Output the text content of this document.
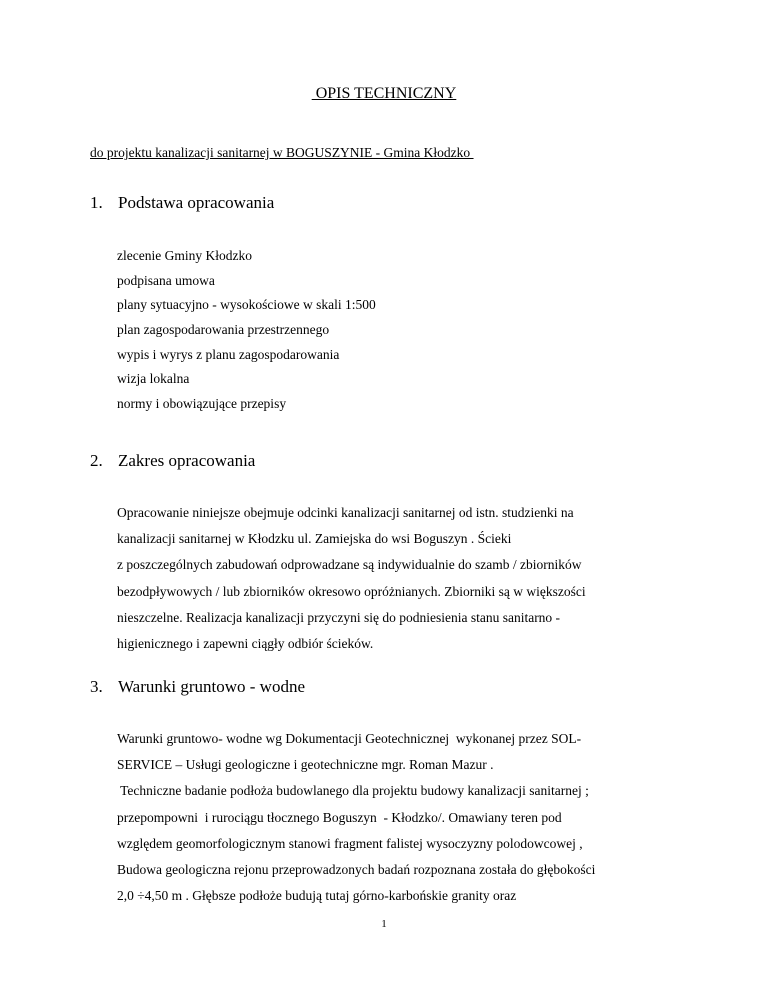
OPIS TECHNICZNY
do projektu kanalizacji sanitarnej w BOGUSZYNIE - Gmina Kłodzko
1. Podstawa opracowania
zlecenie Gminy Kłodzko
podpisana umowa
plany sytuacyjno - wysokościowe w skali 1:500
plan zagospodarowania przestrzennego
wypis i wyrys z planu zagospodarowania
wizja lokalna
normy i obowiązujące przepisy
2. Zakres opracowania
Opracowanie niniejsze obejmuje odcinki kanalizacji sanitarnej od istn. studzienki na
kanalizacji sanitarnej w Kłodzku ul. Zamiejska do wsi Boguszyn . Ścieki
z poszczególnych zabudowań odprowadzane są indywidualnie do szamb / zbiorników
bezodpływowych / lub zbiorników okresowo opróżnianych. Zbiorniki są w większości
nieszczelne. Realizacja kanalizacji przyczyni się do podniesienia stanu sanitarno -
higienicznego i zapewni ciągły odbiór ścieków.
3. Warunki gruntowo - wodne
Warunki gruntowo- wodne wg Dokumentacji Geotechnicznej  wykonanej przez SOL-
SERVICE – Usługi geologiczne i geotechniczne mgr. Roman Mazur .
Techniczne badanie podłoża budowlanego dla projektu budowy kanalizacji sanitarnej ;
przepompowni  i rurociągu tłocznego Boguszyn  - Kłodzko/. Omawiany teren pod
względem geomorfologicznym stanowi fragment falistej wysoczyzny polodowcowej ,
Budowa geologiczna rejonu przeprowadzonych badań rozpoznana została do głębokości
2,0 ÷4,50 m . Głębsze podłoże budują tutaj górno-karbońskie granity oraz
1
